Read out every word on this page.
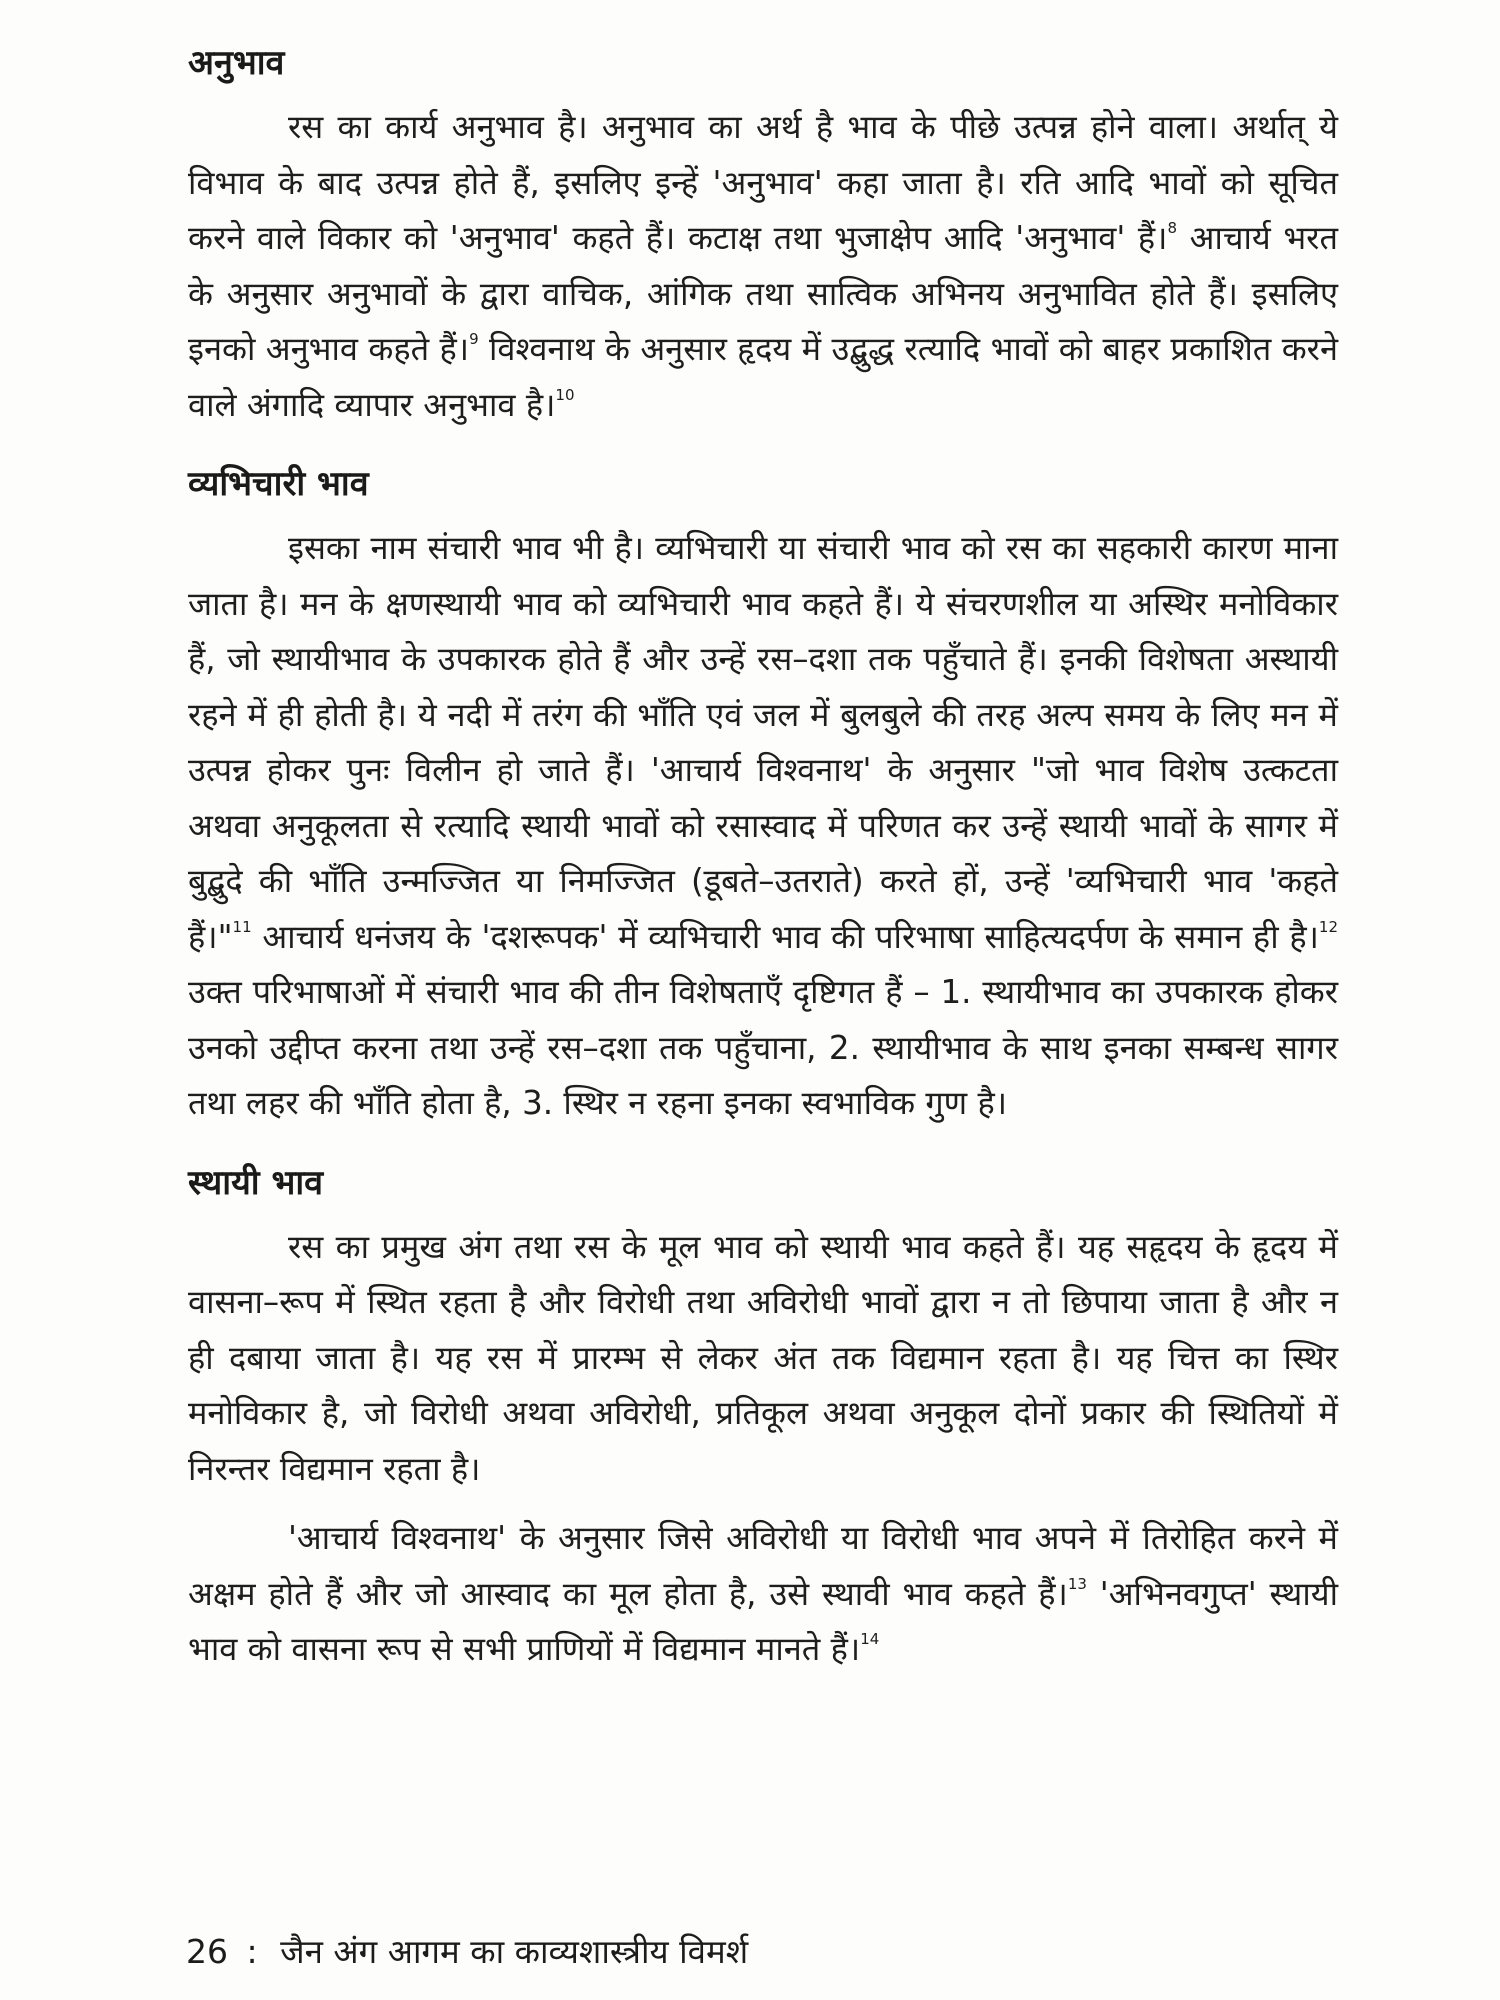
अनुभाव

रस का कार्य अनुभाव है। अनुभाव का अर्थ है भाव के पीछे उत्पन्न होने वाला। अर्थात् ये विभाव के बाद उत्पन्न होते हैं, इसलिए इन्हें 'अनुभाव' कहा जाता है। रति आदि भावों को सूचित करने वाले विकार को 'अनुभाव' कहते हैं। कटाक्ष तथा भुजाक्षेप आदि 'अनुभाव' हैं।$^8$ आचार्य भरत के अनुसार अनुभावों के द्वारा वाचिक, आंगिक तथा सात्विक अभिनय अनुभावित होते हैं। इसलिए इनको अनुभाव कहते हैं।$^9$ विश्वनाथ के अनुसार हृदय में उद्बुद्ध रत्यादि भावों को बाहर प्रकाशित करने वाले अंगादि व्यापार अनुभाव है।$^{10}$

व्यभिचारी भाव

इसका नाम संचारी भाव भी है। व्यभिचारी या संचारी भाव को रस का सहकारी कारण माना जाता है। मन के क्षणस्थायी भाव को व्यभिचारी भाव कहते हैं। ये संचरणशील या अस्थिर मनोविकार हैं, जो स्थायीभाव के उपकारक होते हैं और उन्हें रस–दशा तक पहुँचाते हैं। इनकी विशेषता अस्थायी रहने में ही होती है। ये नदी में तरंग की भाँति एवं जल में बुलबुले की तरह अल्प समय के लिए मन में उत्पन्न होकर पुनः विलीन हो जाते हैं। 'आचार्य विश्वनाथ' के अनुसार "जो भाव विशेष उत्कटता अथवा अनुकूलता से रत्यादि स्थायी भावों को रसास्वाद में परिणत कर उन्हें स्थायी भावों के सागर में बुद्बुदे की भाँति उन्मज्जित या निमज्जित (डूबते–उतराते) करते हों, उन्हें 'व्यभिचारी भाव 'कहते हैं।"$^{11}$ आचार्य धनंजय के 'दशरूपक' में व्यभिचारी भाव की परिभाषा साहित्यदर्पण के समान ही है।$^{12}$ उक्त परिभाषाओं में संचारी भाव की तीन विशेषताएँ दृष्टिगत हैं – 1. स्थायीभाव का उपकारक होकर उनको उद्दीप्त करना तथा उन्हें रस–दशा तक पहुँचाना, 2. स्थायीभाव के साथ इनका सम्बन्ध सागर तथा लहर की भाँति होता है, 3. स्थिर न रहना इनका स्वभाविक गुण है।

स्थायी भाव

रस का प्रमुख अंग तथा रस के मूल भाव को स्थायी भाव कहते हैं। यह सहृदय के हृदय में वासना–रूप में स्थित रहता है और विरोधी तथा अविरोधी भावों द्वारा न तो छिपाया जाता है और न ही दबाया जाता है। यह रस में प्रारम्भ से लेकर अंत तक विद्यमान रहता है। यह चित्त का स्थिर मनोविकार है, जो विरोधी अथवा अविरोधी, प्रतिकूल अथवा अनुकूल दोनों प्रकार की स्थितियों में निरन्तर विद्यमान रहता है।

'आचार्य विश्वनाथ' के अनुसार जिसे अविरोधी या विरोधी भाव अपने में तिरोहित करने में अक्षम होते हैं और जो आस्वाद का मूल होता है, उसे स्थावी भाव कहते हैं।$^{13}$ 'अभिनवगुप्त' स्थायी भाव को वासना रूप से सभी प्राणियों में विद्यमान मानते हैं।$^{14}$

26 : जैन अंग आगम का काव्यशास्त्रीय विमर्श
